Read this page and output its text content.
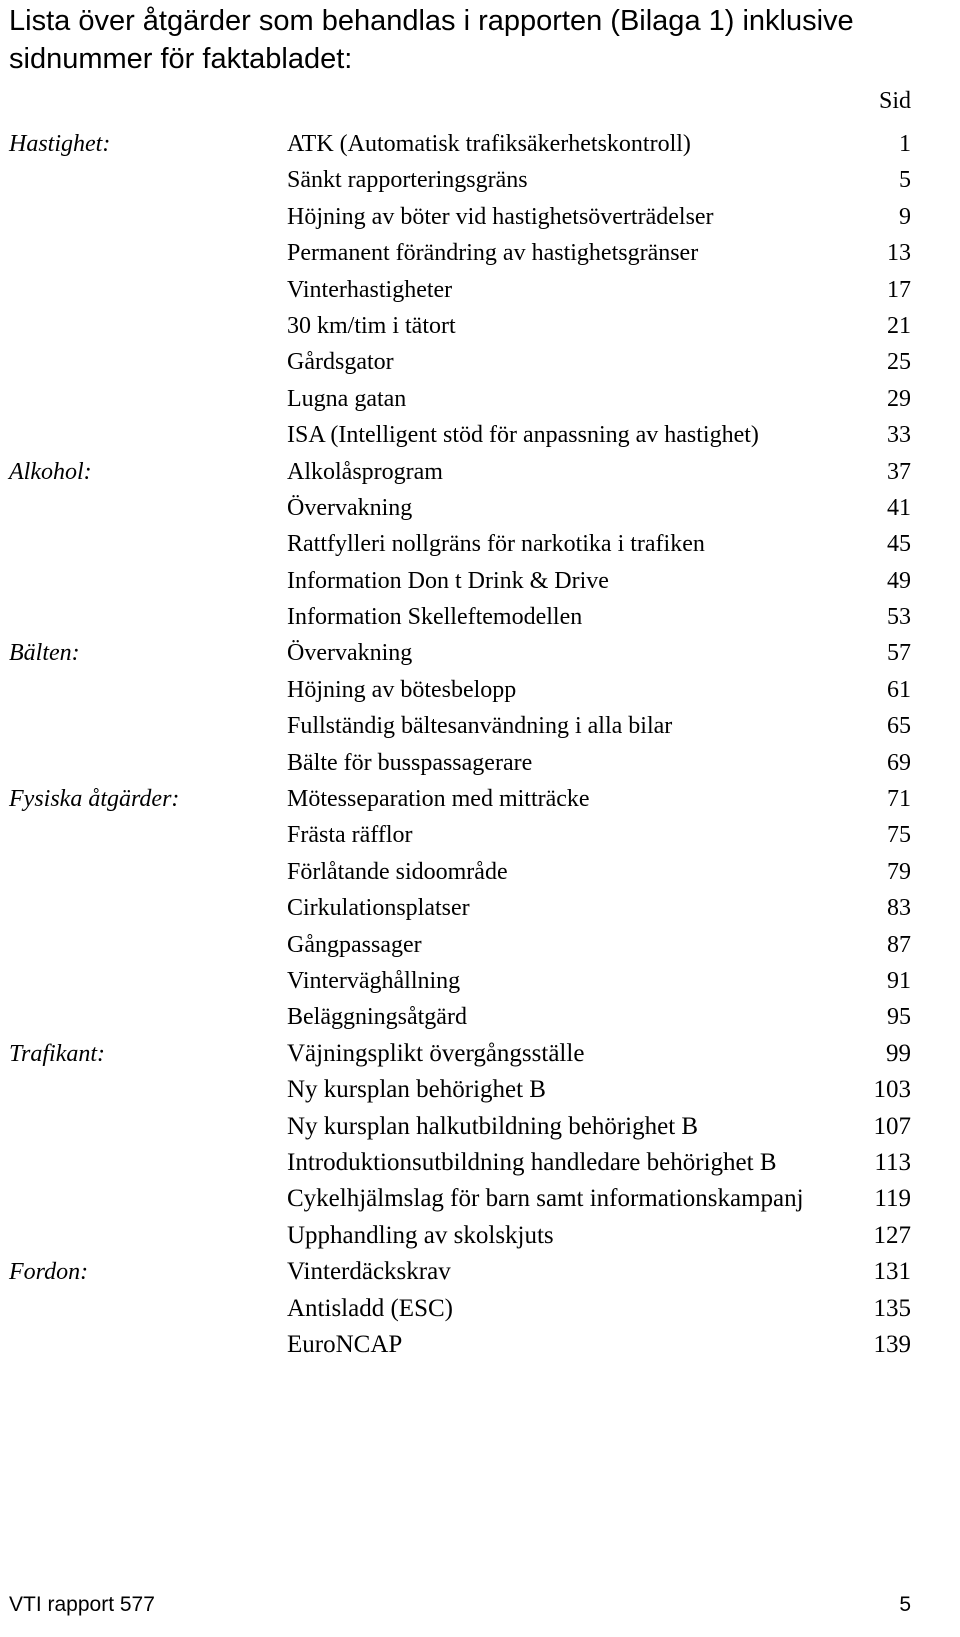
Lista över åtgärder som behandlas i rapporten (Bilaga 1) inklusive sidnummer för faktabladet:
Sid
Hastighet:	ATK (Automatisk trafiksäkerhetskontroll)	1
Sänkt rapporteringsgräns	5
Höjning av böter vid hastighetsöverträdelser	9
Permanent förändring av hastighetsgränser	13
Vinterhastigheter	17
30 km/tim i tätort	21
Gårdsgator	25
Lugna gatan	29
ISA (Intelligent stöd för anpassning av hastighet)	33
Alkohol:	Alkolåsprogram	37
Övervakning	41
Rattfylleri nollgräns för narkotika i trafiken	45
Information Don t Drink & Drive	49
Information Skelleftemodellen	53
Bälten:	Övervakning	57
Höjning av bötesbelopp	61
Fullständig bältesanvändning i alla bilar	65
Bälte för busspassagerare	69
Fysiska åtgärder:	Mötesseparation med mitträcke	71
Frästa räfflor	75
Förlåtande sidoområde	79
Cirkulationsplatser	83
Gångpassager	87
Vinterväghållning	91
Beläggningsåtgärd	95
Trafikant:	Väjningsplikt övergångsställe	99
Ny kursplan behörighet B	103
Ny kursplan halkutbildning behörighet B	107
Introduktionsutbildning handledare behörighet B	113
Cykelhjälmslag för barn samt informationskampanj	119
Upphandling av skolskjuts	127
Fordon:	Vinterdäckskrav	131
Antisladd (ESC)	135
EuroNCAP	139
VTI rapport 577	5
